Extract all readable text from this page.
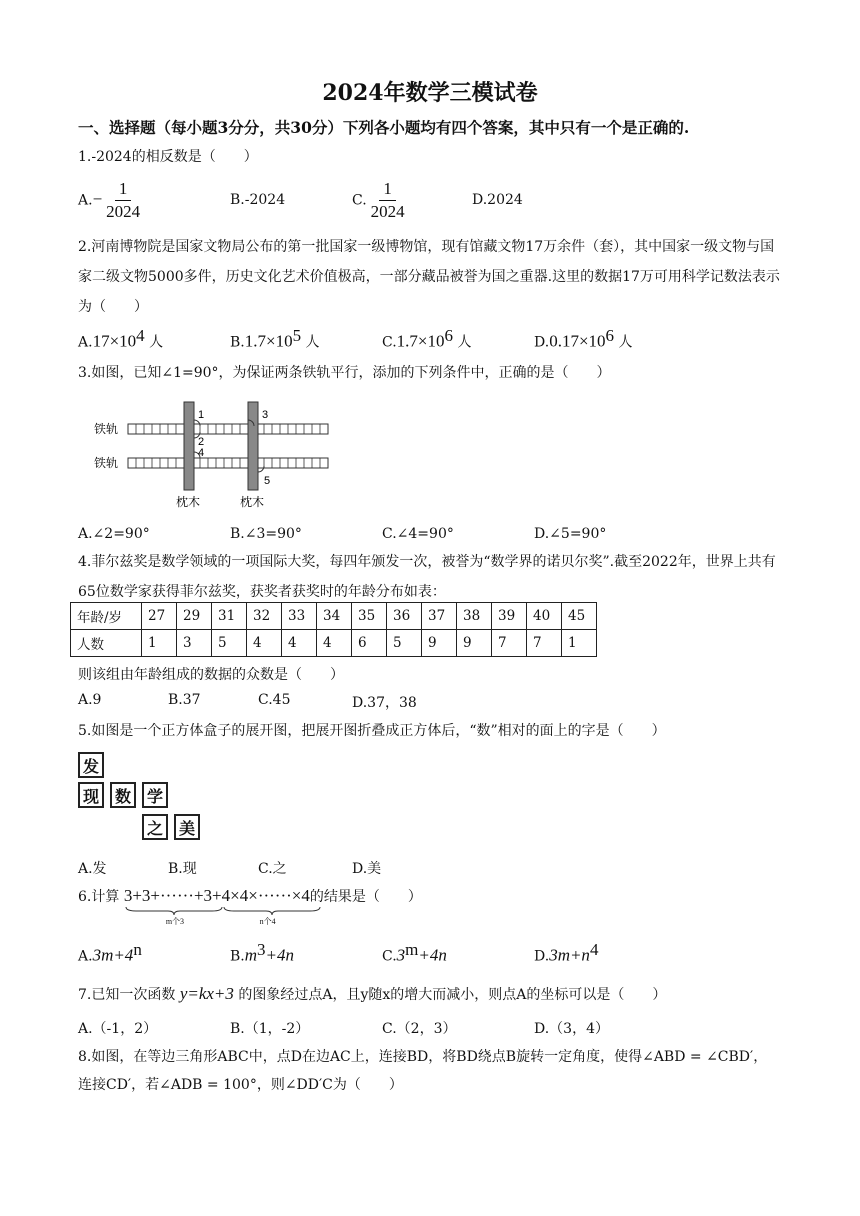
2024年数学三模试卷
一、选择题（每小题3分分，共30分）下列各小题均有四个答案，其中只有一个是正确的.
1.-2024的相反数是（　　）
$A.- \frac{1}{2024}$	B.-2024	C. $\frac{1}{2024}$	D.2024
2.河南博物院是国家文物局公布的第一批国家一级博物馆，现有馆藏文物17万余件（套），其中国家一级文物与国家二级文物5000多件，历史文化艺术价值极高，一部分藏品被誉为国之重器.这里的数据17万可用科学记数法表示为（　　）
$A.17\times 10^4$ 人	$B.1.7\times 10^5$ 人	$C.1.7\times 10^6$ 人	$D.0.17\times 10^6$ 人
3.如图，已知∠1=90°，为保证两条铁轨平行，添加的下列条件中，正确的是（　　）
1
2
3
4
5
铁轨
铁轨
枕木	枕木
A.∠2=90°	B.∠3=90°	C.∠4=90°	D.∠5=90°
4.菲尔兹奖是数学领域的一项国际大奖，每四年颁发一次，被誉为“数学界的诺贝尔奖”.截至2022年，世界上共有65位数学家获得菲尔兹奖，获奖者获奖时的年龄分布如表：
年龄/岁	27	29	31	32	33	34	35	36	37	38	39	40	45
人数	1	3	5	4	4	4	6	5	9	9	7	7	1
则该组由年龄组成的数据的众数是（　　）
A.9	B.37	C.45	D.37，38
5.如图是一个正方体盒子的展开图，把展开图折叠成正方体后，“数”相对的面上的字是（　　）
发
现 数 学
之 美
A.发	B.现	C.之	D.美
6.计算 3+3+······+3
m个3
+4×4×······×4
n个4
的结果是（　　）
$A.3m+4^n$	$B.m^3+4n$	$C.3^m+4n$	$D.3m+n^4$
7.已知一次函数 y=kx+3 的图象经过点A，且y随x的增大而减小，则点A的坐标可以是（　　）
A.（-1，2）	B.（1，-2）	C.（2，3）	D.（3，4）
8.如图，在等边三角形ABC中，点D在边AC上，连接BD，将BD绕点B旋转一定角度，使得∠ABD = ∠CBD′，
连接CD′，若∠ADB = 100°，则∠DD′C为（　　）
